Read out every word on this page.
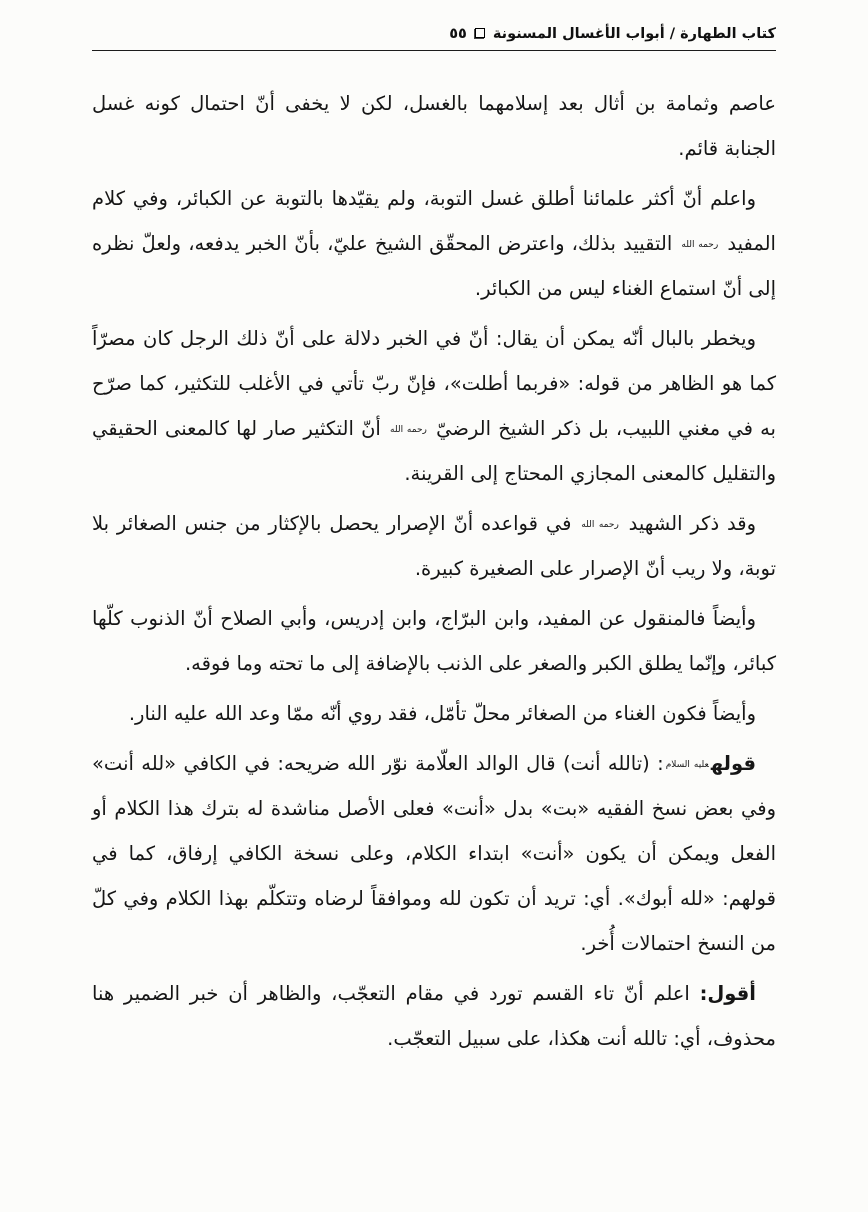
كتاب الطهارة / أبواب الأغسال المسنونة٥٥

عاصم وثمامة بن أثال بعد إسلامهما بالغسل، لكن لا يخفى أنّ احتمال كونه غسل الجنابة قائم.

واعلم أنّ أكثر علمائنا أطلق غسل التوبة، ولم يقيّدها بالتوبة عن الكبائر، وفي كلام المفيد رحمه الله التقييد بذلك، واعترض المحقّق الشيخ عليّ، بأنّ الخبر يدفعه، ولعلّ نظره إلى أنّ استماع الغناء ليس من الكبائر.

ويخطر بالبال أنّه يمكن أن يقال: أنّ في الخبر دلالة على أنّ ذلك الرجل كان مصرّاً كما هو الظاهر من قوله: «فربما أطلت»، فإنّ ربّ تأتي في الأغلب للتكثير، كما صرّح به في مغني اللبيب، بل ذكر الشيخ الرضيّ رحمه الله أنّ التكثير صار لها كالمعنى الحقيقي والتقليل كالمعنى المجازي المحتاج إلى القرينة.

وقد ذكر الشهيد رحمه الله في قواعده أنّ الإصرار يحصل بالإكثار من جنس الصغائر بلا توبة، ولا ريب أنّ الإصرار على الصغيرة كبيرة.

وأيضاً فالمنقول عن المفيد، وابن البرّاج، وابن إدريس، وأبي الصلاح أنّ الذنوب كلّها كبائر، وإنّما يطلق الكبر والصغر على الذنب بالإضافة إلى ما تحته وما فوقه.

وأيضاً فكون الغناء من الصغائر محلّ تأمّل، فقد روي أنّه ممّا وعد الله عليه النار.

قولهعليه السلام: (تالله أنت) قال الوالد العلّامة نوّر الله ضريحه: في الكافي «لله أنت» وفي بعض نسخ الفقيه «بت» بدل «أنت» فعلى الأصل مناشدة له بترك هذا الكلام أو الفعل ويمكن أن يكون «أنت» ابتداء الكلام، وعلى نسخة الكافي إرفاق، كما في قولهم: «لله أبوك». أي: تريد أن تكون لله وموافقاً لرضاه وتتكلّم بهذا الكلام وفي كلّ من النسخ احتمالات أُخر.

أقول: اعلم أنّ تاء القسم تورد في مقام التعجّب، والظاهر أن خبر الضمير هنا محذوف، أي: تالله أنت هكذا، على سبيل التعجّب.
